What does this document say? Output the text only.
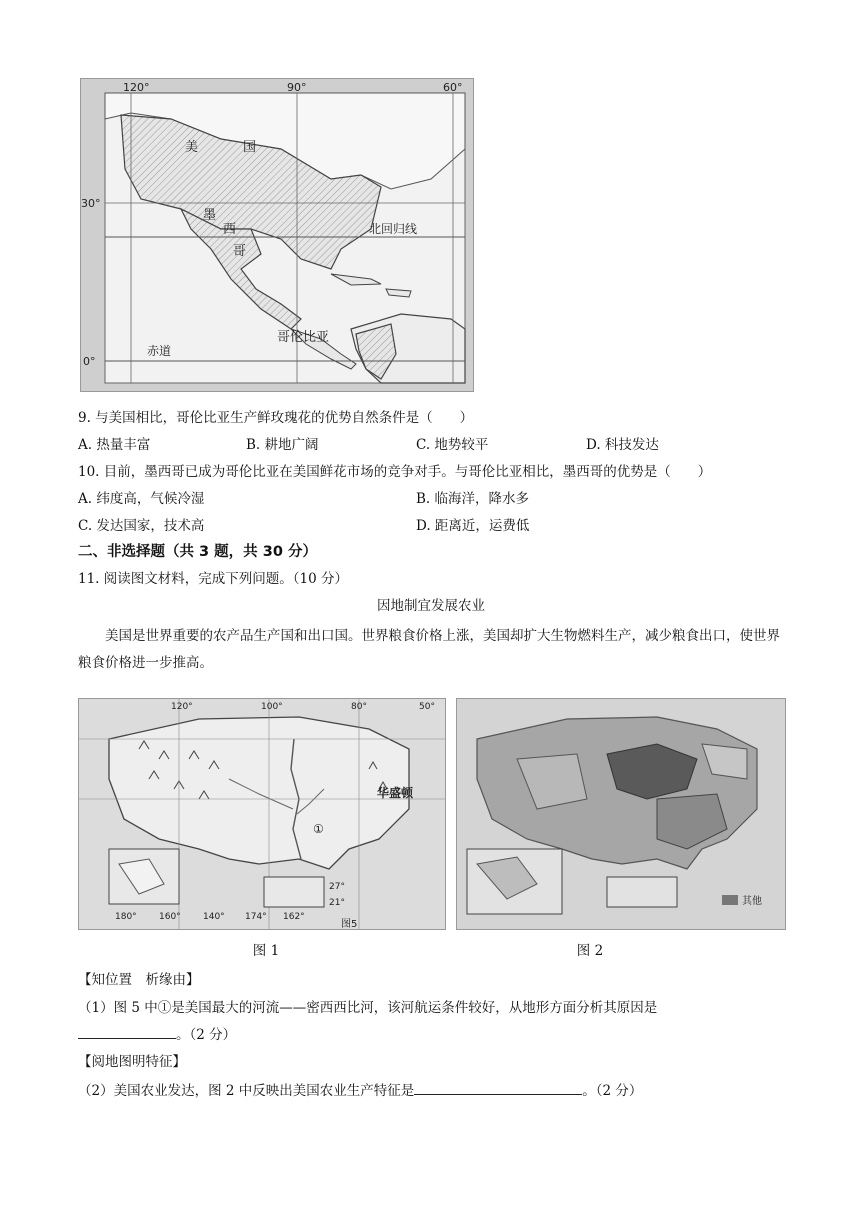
120°	90°	60°
30°
0°
美	国
墨
西
哥
北回归线
哥伦比亚
赤道
9. 与美国相比，哥伦比亚生产鲜玫瑰花的优势自然条件是（　　）
A. 热量丰富	B. 耕地广阔	C. 地势较平	D. 科技发达
10. 目前，墨西哥已成为哥伦比亚在美国鲜花市场的竞争对手。与哥伦比亚相比，墨西哥的优势是（　　）
A. 纬度高，气候冷湿	B. 临海洋，降水多
C. 发达国家，技术高	D. 距离近，运费低
二、非选择题（共 3 题，共 30 分）
11. 阅读图文材料，完成下列问题。（10 分）
因地制宜发展农业
美国是世界重要的农产品生产国和出口国。世界粮食价格上涨，美国却扩大生物燃料生产，减少粮食出口，使世界粮食价格进一步推高。
120°	100°	80°	50°
华盛顿
①
27°
21°
180° 160° 140° 174° 162°
图5
其他
图 1	图 2
【知位置　析缘由】
（1）图 5 中①是美国最大的河流——密西西比河，该河航运条件较好，从地形方面分析其原因是
。（2 分）
【阅地图明特征】
（2）美国农业发达，图 2 中反映出美国农业生产特征是	。（2 分）
